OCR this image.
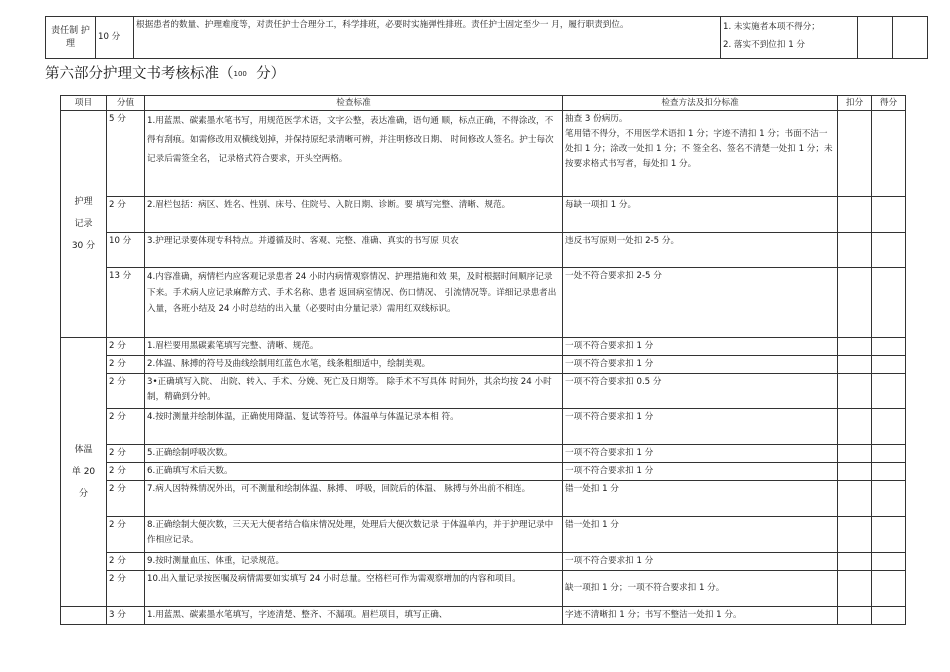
责任制 护理	10 分	根据患者的数量、护理难度等，对责任护士合理分工，科学排班，必要时实施弹性排班。责任护士固定至少一 月，履行职责到位。	1. 未实施者本项不得分；
2. 落实不到位扣 1 分		
第六部分护理文书考核标准（100 分）
项目	分值	检查标准	检查方法及扣分标准	扣分	得分
护理
记录
30 分	5 分	1.用蓝黑、碳素墨水笔书写，用规范医学术语，文字公整，表达准确，语句通 顺，标点正确，不得涂改，不得有刮痕。如需修改用双横线划掉，并保持原纪录清晰可辨，并注明修改日期、 时间修改人签名。护士每次记录后需签全名， 记录格式符合要求，开头空两格。	抽查 3 份病历。
笔用错不得分，不用医学术语扣 1 分；字迹不清扣 1 分；书面不洁一处扣 1 分；涂改一处扣 1 分；不 签全名、签名不清楚一处扣 1 分；未按要求格式书写者，每处扣 1 分。		
	2 分	2.眉栏包括：病区、姓名、性别、床号、住院号、入院日期、诊断。要 填写完整、清晰、规范。	每缺一项扣 1 分。		
	10 分	3.护理记录要体现专科特点。并遵循及时、客观、完整、准确、真实的书写原 贝农	违反书写原则一处扣 2-5 分。		
	13 分	4.内容准确，病情栏内应客观记录患者 24 小时内病情观察情况、护理措施和效 果，及时根据时间顺序记录下来。手术病人应记录麻醉方式、手术名称、患者 返回病室情况、伤口情况、 引流情况等。详细记录患者出入量，各班小结及 24 小时总结的出入量（必要时由分量记录）需用红双线标识。	一处不符合要求扣 2-5 分		
体温
单 20
分	2 分	1.眉栏要用黑碳素笔填写完整、清晰、规范。	一项不符合要求扣 1 分		
	2 分	2.体温、脉搏的符号及曲线绘制用红蓝色水笔，线条粗细适中，绘制美观。	一项不符合要求扣 1 分		
	2 分	3•正确填写入院、 出院、转入、手术、分娩、死亡及日期等。 除手术不写具体 时间外，其余均按 24 小时制，精确到分钟。	一项不符合要求扣 0.5 分		
	2 分	4.按时测量并绘制体温，正确使用降温、复试等符号。体温单与体温记录本相 符。	一项不符合要求扣 1 分		
	2 分	5.正确绘制呼吸次数。	一项不符合要求扣 1 分		
	2 分	6.正确填写术后天数。	一项不符合要求扣 1 分		
	2 分	7.病人因特殊情况外出，可不测量和绘制体温、脉搏、 呼吸，回院后的体温、 脉搏与外出前不相连。	错一处扣 1 分		
	2 分	8.正确绘制大便次数，三天无大便者结合临床情况处理，处理后大便次数记录 于体温单内，并于护理记录中作相应记录。	错一处扣 1 分		
	2 分	9.按时测量血压、体重，记录规范。	一项不符合要求扣 1 分		
	2 分	10.出入量记录按医嘱及病情需要如实填写 24 小时总量。空格栏可作为需观察增加的内容和项目。	缺一项扣 1 分；一项不符合要求扣 1 分。		
	3 分	1.用蓝黑、碳素墨水笔填写，字迹清楚、整齐、不漏项。眉栏项目，填写正确、	字迹不清晰扣 1 分；书写不整洁一处扣 1 分。		
